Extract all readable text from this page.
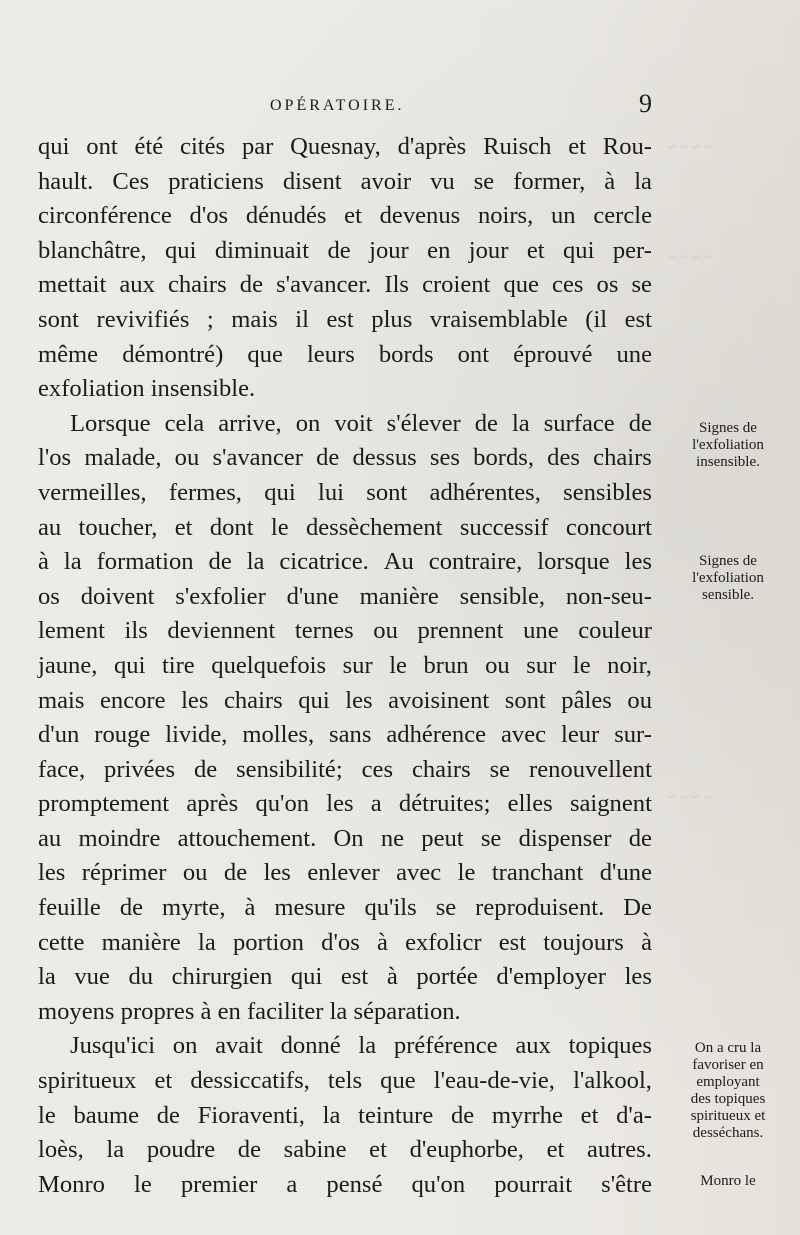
~ ~ ~ ~
~ ~ ~ ~
~ ~ ~ ~
OPÉRATOIRE.	9
qui ont été cités par Quesnay, d'après Ruisch et Rou-
hault. Ces praticiens disent avoir vu se former, à la
circonférence d'os dénudés et devenus noirs, un cercle
blanchâtre, qui diminuait de jour en jour et qui per-
mettait aux chairs de s'avancer. Ils croient que ces os se
sont revivifiés ; mais il est plus vraisemblable (il est
même démontré) que leurs bords ont éprouvé une
exfoliation insensible.
Lorsque cela arrive, on voit s'élever de la surface de
l'os malade, ou s'avancer de dessus ses bords, des chairs
vermeilles, fermes, qui lui sont adhérentes, sensibles
au toucher, et dont le dessèchement successif concourt
à la formation de la cicatrice. Au contraire, lorsque les
os doivent s'exfolier d'une manière sensible, non-seu-
lement ils deviennent ternes ou prennent une couleur
jaune, qui tire quelquefois sur le brun ou sur le noir,
mais encore les chairs qui les avoisinent sont pâles ou
d'un rouge livide, molles, sans adhérence avec leur sur-
face, privées de sensibilité; ces chairs se renouvellent
promptement après qu'on les a détruites; elles saignent
au moindre attouchement. On ne peut se dispenser de
les réprimer ou de les enlever avec le tranchant d'une
feuille de myrte, à mesure qu'ils se reproduisent. De
cette manière la portion d'os à exfolicr est toujours à
la vue du chirurgien qui est à portée d'employer les
moyens propres à en faciliter la séparation.
Jusqu'ici on avait donné la préférence aux topiques
spiritueux et dessiccatifs, tels que l'eau-de-vie, l'alkool,
le baume de Fioraventi, la teinture de myrrhe et d'a-
loès, la poudre de sabine et d'euphorbe, et autres.
Monro le premier a pensé qu'on pourrait s'être
Signes de
l'exfoliation
insensible.
Signes de
l'exfoliation
sensible.
On a cru la
favoriser en
employant
des topiques
spiritueux et
desséchans.
Monro le
